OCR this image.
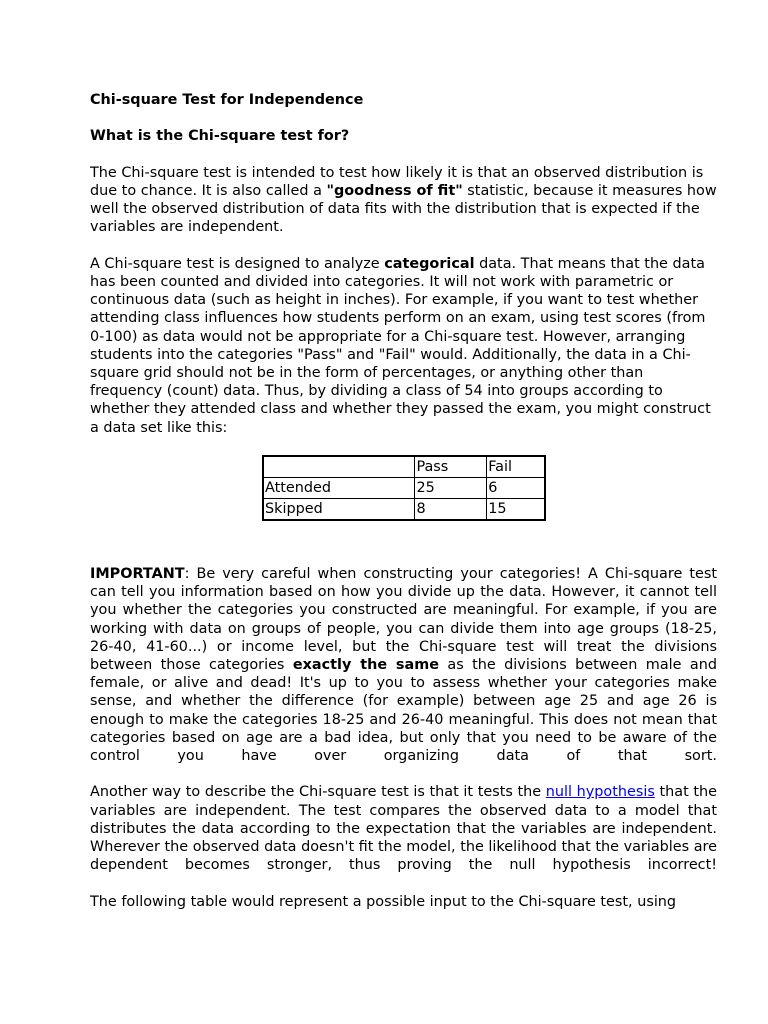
Chi-square Test for Independence

What is the Chi-square test for?

The Chi-square test is intended to test how likely it is that an observed distribution is due to chance. It is also called a "goodness of fit" statistic, because it measures how well the observed distribution of data fits with the distribution that is expected if the variables are independent.

A Chi-square test is designed to analyze categorical data. That means that the data has been counted and divided into categories. It will not work with parametric or continuous data (such as height in inches). For example, if you want to test whether attending class influences how students perform on an exam, using test scores (from 0-100) as data would not be appropriate for a Chi-square test. However, arranging students into the categories "Pass" and "Fail" would. Additionally, the data in a Chi-square grid should not be in the form of percentages, or anything other than frequency (count) data. Thus, by dividing a class of 54 into groups according to whether they attended class and whether they passed the exam, you might construct a data set like this:

	Pass	Fail
Attended	25	6
Skipped	8	15

IMPORTANT: Be very careful when constructing your categories! A Chi-square test can tell you information based on how you divide up the data. However, it cannot tell you whether the categories you constructed are meaningful. For example, if you are working with data on groups of people, you can divide them into age groups (18-25, 26-40, 41-60...) or income level, but the Chi-square test will treat the divisions between those categories exactly the same as the divisions between male and female, or alive and dead! It's up to you to assess whether your categories make sense, and whether the difference (for example) between age 25 and age 26 is enough to make the categories 18-25 and 26-40 meaningful. This does not mean that categories based on age are a bad idea, but only that you need to be aware of the control you have over organizing data of that sort.

Another way to describe the Chi-square test is that it tests the null hypothesis that the variables are independent. The test compares the observed data to a model that distributes the data according to the expectation that the variables are independent. Wherever the observed data doesn't fit the model, the likelihood that the variables are dependent becomes stronger, thus proving the null hypothesis incorrect!

The following table would represent a possible input to the Chi-square test, using
